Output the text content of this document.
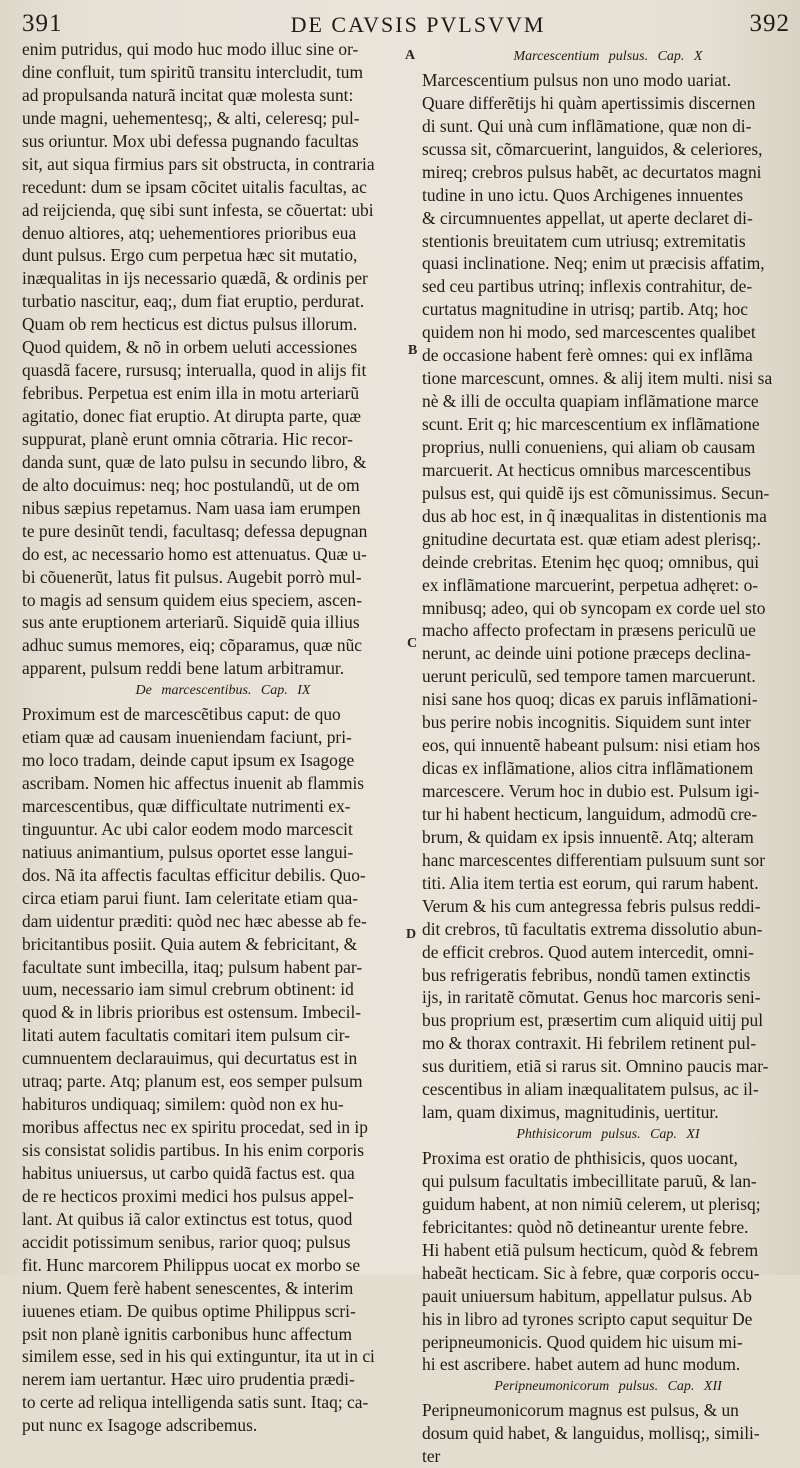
391	DE CAVSIS PVLSVVM	392
A
B
C
D
enim putridus, qui modo huc modo illuc sine or-
dine confluit, tum spiritũ transitu intercludit, tum
ad propulsanda naturã incitat quæ molesta sunt:
unde magni, uehementesq;, & alti, celeresq; pul-
sus oriuntur. Mox ubi defessa pugnando facultas
sit, aut siqua firmius pars sit obstructa, in contraria
recedunt: dum se ipsam cõcitet uitalis facultas, ac
ad reijcienda, quę sibi sunt infesta, se cõuertat: ubi
denuo altiores, atq; uehementiores prioribus eua
dunt pulsus. Ergo cum perpetua hæc sit mutatio,
inæqualitas in ijs necessario quædã, & ordinis per
turbatio nascitur, eaq;, dum fiat eruptio, perdurat.
Quam ob rem hecticus est dictus pulsus illorum.
Quod quidem, & nõ in orbem ueluti accessiones
quasdã facere, rursusq; interualla, quod in alijs fit
febribus. Perpetua est enim illa in motu arteriarũ
agitatio, donec fiat eruptio. At dirupta parte, quæ
suppurat, planè erunt omnia cõtraria. Hic recor-
danda sunt, quæ de lato pulsu in secundo libro, &
de alto docuimus: neq; hoc postulandũ, ut de om
nibus sæpius repetamus. Nam uasa iam erumpen
te pure desinũt tendi, facultasq; defessa depugnan
do est, ac necessario homo est attenuatus. Quæ u-
bi cõuenerũt, latus fit pulsus. Augebit porrò mul-
to magis ad sensum quidem eius speciem, ascen-
sus ante eruptionem arteriarũ. Siquidẽ quia illius
adhuc sumus memores, eiq; cõparamus, quæ nũc
apparent, pulsum reddi bene latum arbitramur.
De marcescentibus. Cap. IX
Proximum est de marcescẽtibus caput: de quo
etiam quæ ad causam inueniendam faciunt, pri-
mo loco tradam, deinde caput ipsum ex Isagoge
ascribam. Nomen hic affectus inuenit ab flammis
marcescentibus, quæ difficultate nutrimenti ex-
tinguuntur. Ac ubi calor eodem modo marcescit
natiuus animantium, pulsus oportet esse langui-
dos. Nã ita affectis facultas efficitur debilis. Quo-
circa etiam parui fiunt. Iam celeritate etiam qua-
dam uidentur præditi: quòd nec hæc abesse ab fe-
bricitantibus posiit. Quia autem & febricitant, &
facultate sunt imbecilla, itaq; pulsum habent par-
uum, necessario iam simul crebrum obtinent: id
quod & in libris prioribus est ostensum. Imbecil-
litati autem facultatis comitari item pulsum cir-
cumnuentem declarauimus, qui decurtatus est in
utraq; parte. Atq; planum est, eos semper pulsum
habituros undiquaq; similem: quòd non ex hu-
moribus affectus nec ex spiritu procedat, sed in ip
sis consistat solidis partibus. In his enim corporis
habitus uniuersus, ut carbo quidã factus est. qua
de re hecticos proximi medici hos pulsus appel-
lant. At quibus iã calor extinctus est totus, quod
accidit potissimum senibus, rarior quoq; pulsus
fit. Hunc marcorem Philippus uocat ex morbo se
nium. Quem ferè habent senescentes, & interim
iuuenes etiam. De quibus optime Philippus scri-
psit non planè ignitis carbonibus hunc affectum
similem esse, sed in his qui extinguntur, ita ut in ci
nerem iam uertantur. Hæc uiro prudentia prædi-
to certe ad reliqua intelligenda satis sunt. Itaq; ca-
put nunc ex Isagoge adscribemus.
Marcescentium pulsus. Cap. X
Marcescentium pulsus non uno modo uariat.
Quare differẽtijs hi quàm apertissimis discernen
di sunt. Qui unà cum inflãmatione, quæ non di-
scussa sit, cõmarcuerint, languidos, & celeriores,
mireq; crebros pulsus habẽt, ac decurtatos magni
tudine in uno ictu. Quos Archigenes innuentes
& circumnuentes appellat, ut aperte declaret di-
stentionis breuitatem cum utriusq; extremitatis
quasi inclinatione. Neq; enim ut præcisis affatim,
sed ceu partibus utrinq; inflexis contrahitur, de-
curtatus magnitudine in utrisq; partib. Atq; hoc
quidem non hi modo, sed marcescentes qualibet
de occasione habent ferè omnes: qui ex inflãma
tione marcescunt, omnes. & alij item multi. nisi sa
nè & illi de occulta quapiam inflãmatione marce
scunt. Erit q; hic marcescentium ex inflãmatione
proprius, nulli conueniens, qui aliam ob causam
marcuerit. At hecticus omnibus marcescentibus
pulsus est, qui quidẽ ijs est cõmunissimus. Secun-
dus ab hoc est, in q̃ inæqualitas in distentionis ma
gnitudine decurtata est. quæ etiam adest plerisq;.
deinde crebritas. Etenim hęc quoq; omnibus, qui
ex inflãmatione marcuerint, perpetua adhęret: o-
mnibusq; adeo, qui ob syncopam ex corde uel sto
macho affecto profectam in præsens periculũ ue
nerunt, ac deinde uini potione præceps declina-
uerunt periculũ, sed tempore tamen marcuerunt.
nisi sane hos quoq; dicas ex paruis inflãmationi-
bus perire nobis incognitis. Siquidem sunt inter
eos, qui innuentẽ habeant pulsum: nisi etiam hos
dicas ex inflãmatione, alios citra inflãmationem
marcescere. Verum hoc in dubio est. Pulsum igi-
tur hi habent hecticum, languidum, admodũ cre-
brum, & quidam ex ipsis innuentẽ. Atq; alteram
hanc marcescentes differentiam pulsuum sunt sor
titi. Alia item tertia est eorum, qui rarum habent.
Verum & his cum antegressa febris pulsus reddi-
dit crebros, tũ facultatis extrema dissolutio abun-
de efficit crebros. Quod autem intercedit, omni-
bus refrigeratis febribus, nondũ tamen extinctis
ijs, in raritatẽ cõmutat. Genus hoc marcoris seni-
bus proprium est, præsertim cum aliquid uitij pul
mo & thorax contraxit. Hi febrilem retinent pul-
sus duritiem, etiã si rarus sit. Omnino paucis mar-
cescentibus in aliam inæqualitatem pulsus, ac il-
lam, quam diximus, magnitudinis, uertitur.
Phthisicorum pulsus. Cap. XI
Proxima est oratio de phthisicis, quos uocant,
qui pulsum facultatis imbecillitate paruũ, & lan-
guidum habent, at non nimiũ celerem, ut plerisq;
febricitantes: quòd nõ detineantur urente febre.
Hi habent etiã pulsum hecticum, quòd & febrem
habeãt hecticam. Sic à febre, quæ corporis occu-
pauit uniuersum habitum, appellatur pulsus. Ab
his in libro ad tyrones scripto caput sequitur De
peripneumonicis. Quod quidem hic uisum mi-
hi est ascribere. habet autem ad hunc modum.
Peripneumonicorum pulsus. Cap. XII
Peripneumonicorum magnus est pulsus, & un
dosum quid habet, & languidus, mollisq;, simili-
ter
